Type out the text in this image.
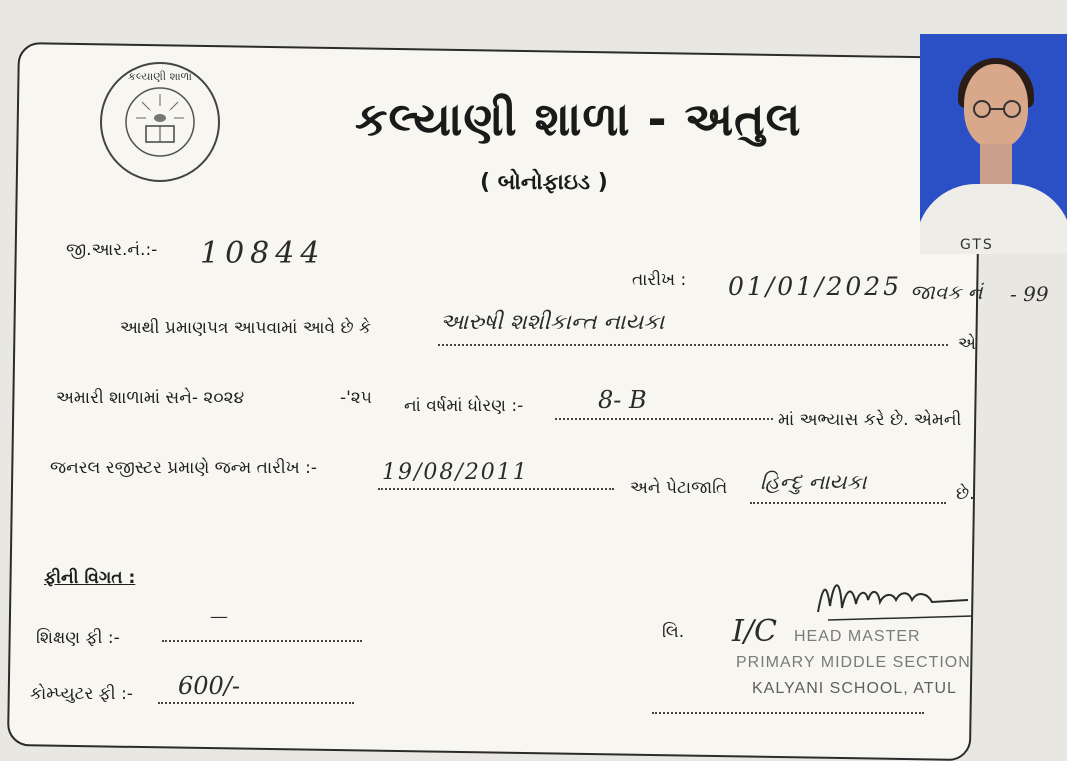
કલ્યાણી શાળા
કલ્યાણી શાળા - અતુલ
( બોનોફાઇડ )
GTS
જી.આર.નં.:- 10844
તારીખ : 01/01/2025 જાવક નં - 99
આથી પ્રમાણપત્ર આપવામાં આવે છે કે	આરુષી શશીકાન્ત નાયકા
એ
અમારી શાળામાં સને- ૨૦૨૪	-'૨૫ નાં વર્ષમાં ધોરણ :-	8- B
માં અભ્યાસ કરે છે. એમની
જનરલ રજીસ્ટર પ્રમાણે જન્મ તારીખ :-	19/08/2011
અને પેટાજાતિ હિન્દુ નાયકા	છે.
ફીની વિગત :
શિક્ષણ ફી :-
—
કોમ્પ્યુટર ફી :- 600/-
લિ. I/C HEAD MASTER
PRIMARY MIDDLE SECTION
KALYANI SCHOOL, ATUL
